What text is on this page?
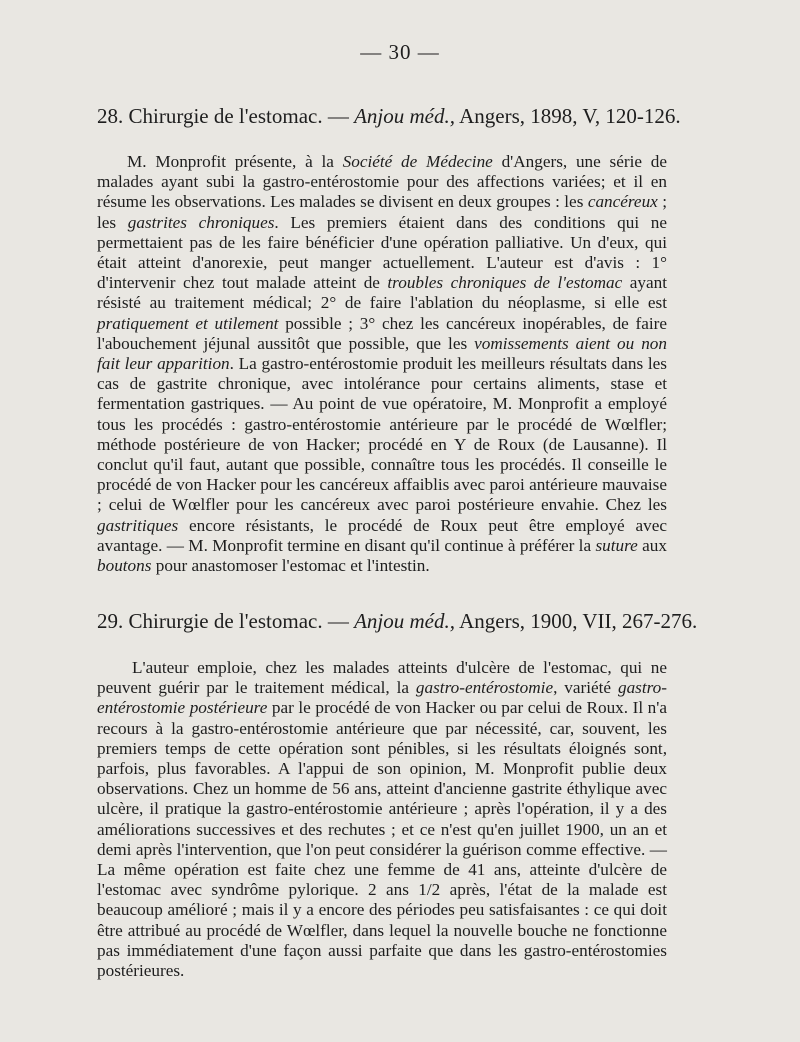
— 30 —
28. Chirurgie de l'estomac. — Anjou méd., Angers, 1898, V, 120-126.

M. Monprofit présente, à la Société de Médecine d'Angers, une série de malades ayant subi la gastro-entérostomie pour des affections variées; et il en résume les observations. Les malades se divisent en deux groupes : les cancéreux ; les gastrites chroniques. Les premiers étaient dans des conditions qui ne permettaient pas de les faire bénéficier d'une opération palliative. Un d'eux, qui était atteint d'anorexie, peut manger actuellement. L'auteur est d'avis : 1° d'intervenir chez tout malade atteint de troubles chroniques de l'estomac ayant résisté au traitement médical; 2° de faire l'ablation du néoplasme, si elle est pratiquement et utilement possible ; 3° chez les cancéreux inopérables, de faire l'abouchement jéjunal aussitôt que possible, que les vomissements aient ou non fait leur apparition. La gastro-entérostomie produit les meilleurs résultats dans les cas de gastrite chronique, avec intolérance pour certains aliments, stase et fermentation gastriques. — Au point de vue opératoire, M. Monprofit a employé tous les procédés : gastro-entérostomie antérieure par le procédé de Wœlfler; méthode postérieure de von Hacker; procédé en Y de Roux (de Lausanne). Il conclut qu'il faut, autant que possible, connaître tous les procédés. Il conseille le procédé de von Hacker pour les cancéreux affaiblis avec paroi antérieure mauvaise ; celui de Wœlfler pour les cancéreux avec paroi postérieure envahie. Chez les gastritiques encore résistants, le procédé de Roux peut être employé avec avantage. — M. Monprofit termine en disant qu'il continue à préférer la suture aux boutons pour anastomoser l'estomac et l'intestin.

29. Chirurgie de l'estomac. — Anjou méd., Angers, 1900, VII, 267-276.

L'auteur emploie, chez les malades atteints d'ulcère de l'estomac, qui ne peuvent guérir par le traitement médical, la gastro-entérostomie, variété gastro-entérostomie postérieure par le procédé de von Hacker ou par celui de Roux. Il n'a recours à la gastro-entérostomie antérieure que par nécessité, car, souvent, les premiers temps de cette opération sont pénibles, si les résultats éloignés sont, parfois, plus favorables. A l'appui de son opinion, M. Monprofit publie deux observations. Chez un homme de 56 ans, atteint d'ancienne gastrite éthylique avec ulcère, il pratique la gastro-entérostomie antérieure ; après l'opération, il y a des améliorations successives et des rechutes ; et ce n'est qu'en juillet 1900, un an et demi après l'intervention, que l'on peut considérer la guérison comme effective. — La même opération est faite chez une femme de 41 ans, atteinte d'ulcère de l'estomac avec syndrôme pylorique. 2 ans 1/2 après, l'état de la malade est beaucoup amélioré ; mais il y a encore des périodes peu satisfaisantes : ce qui doit être attribué au procédé de Wœlfler, dans lequel la nouvelle bouche ne fonctionne pas immédiatement d'une façon aussi parfaite que dans les gastro-entérostomies postérieures.
